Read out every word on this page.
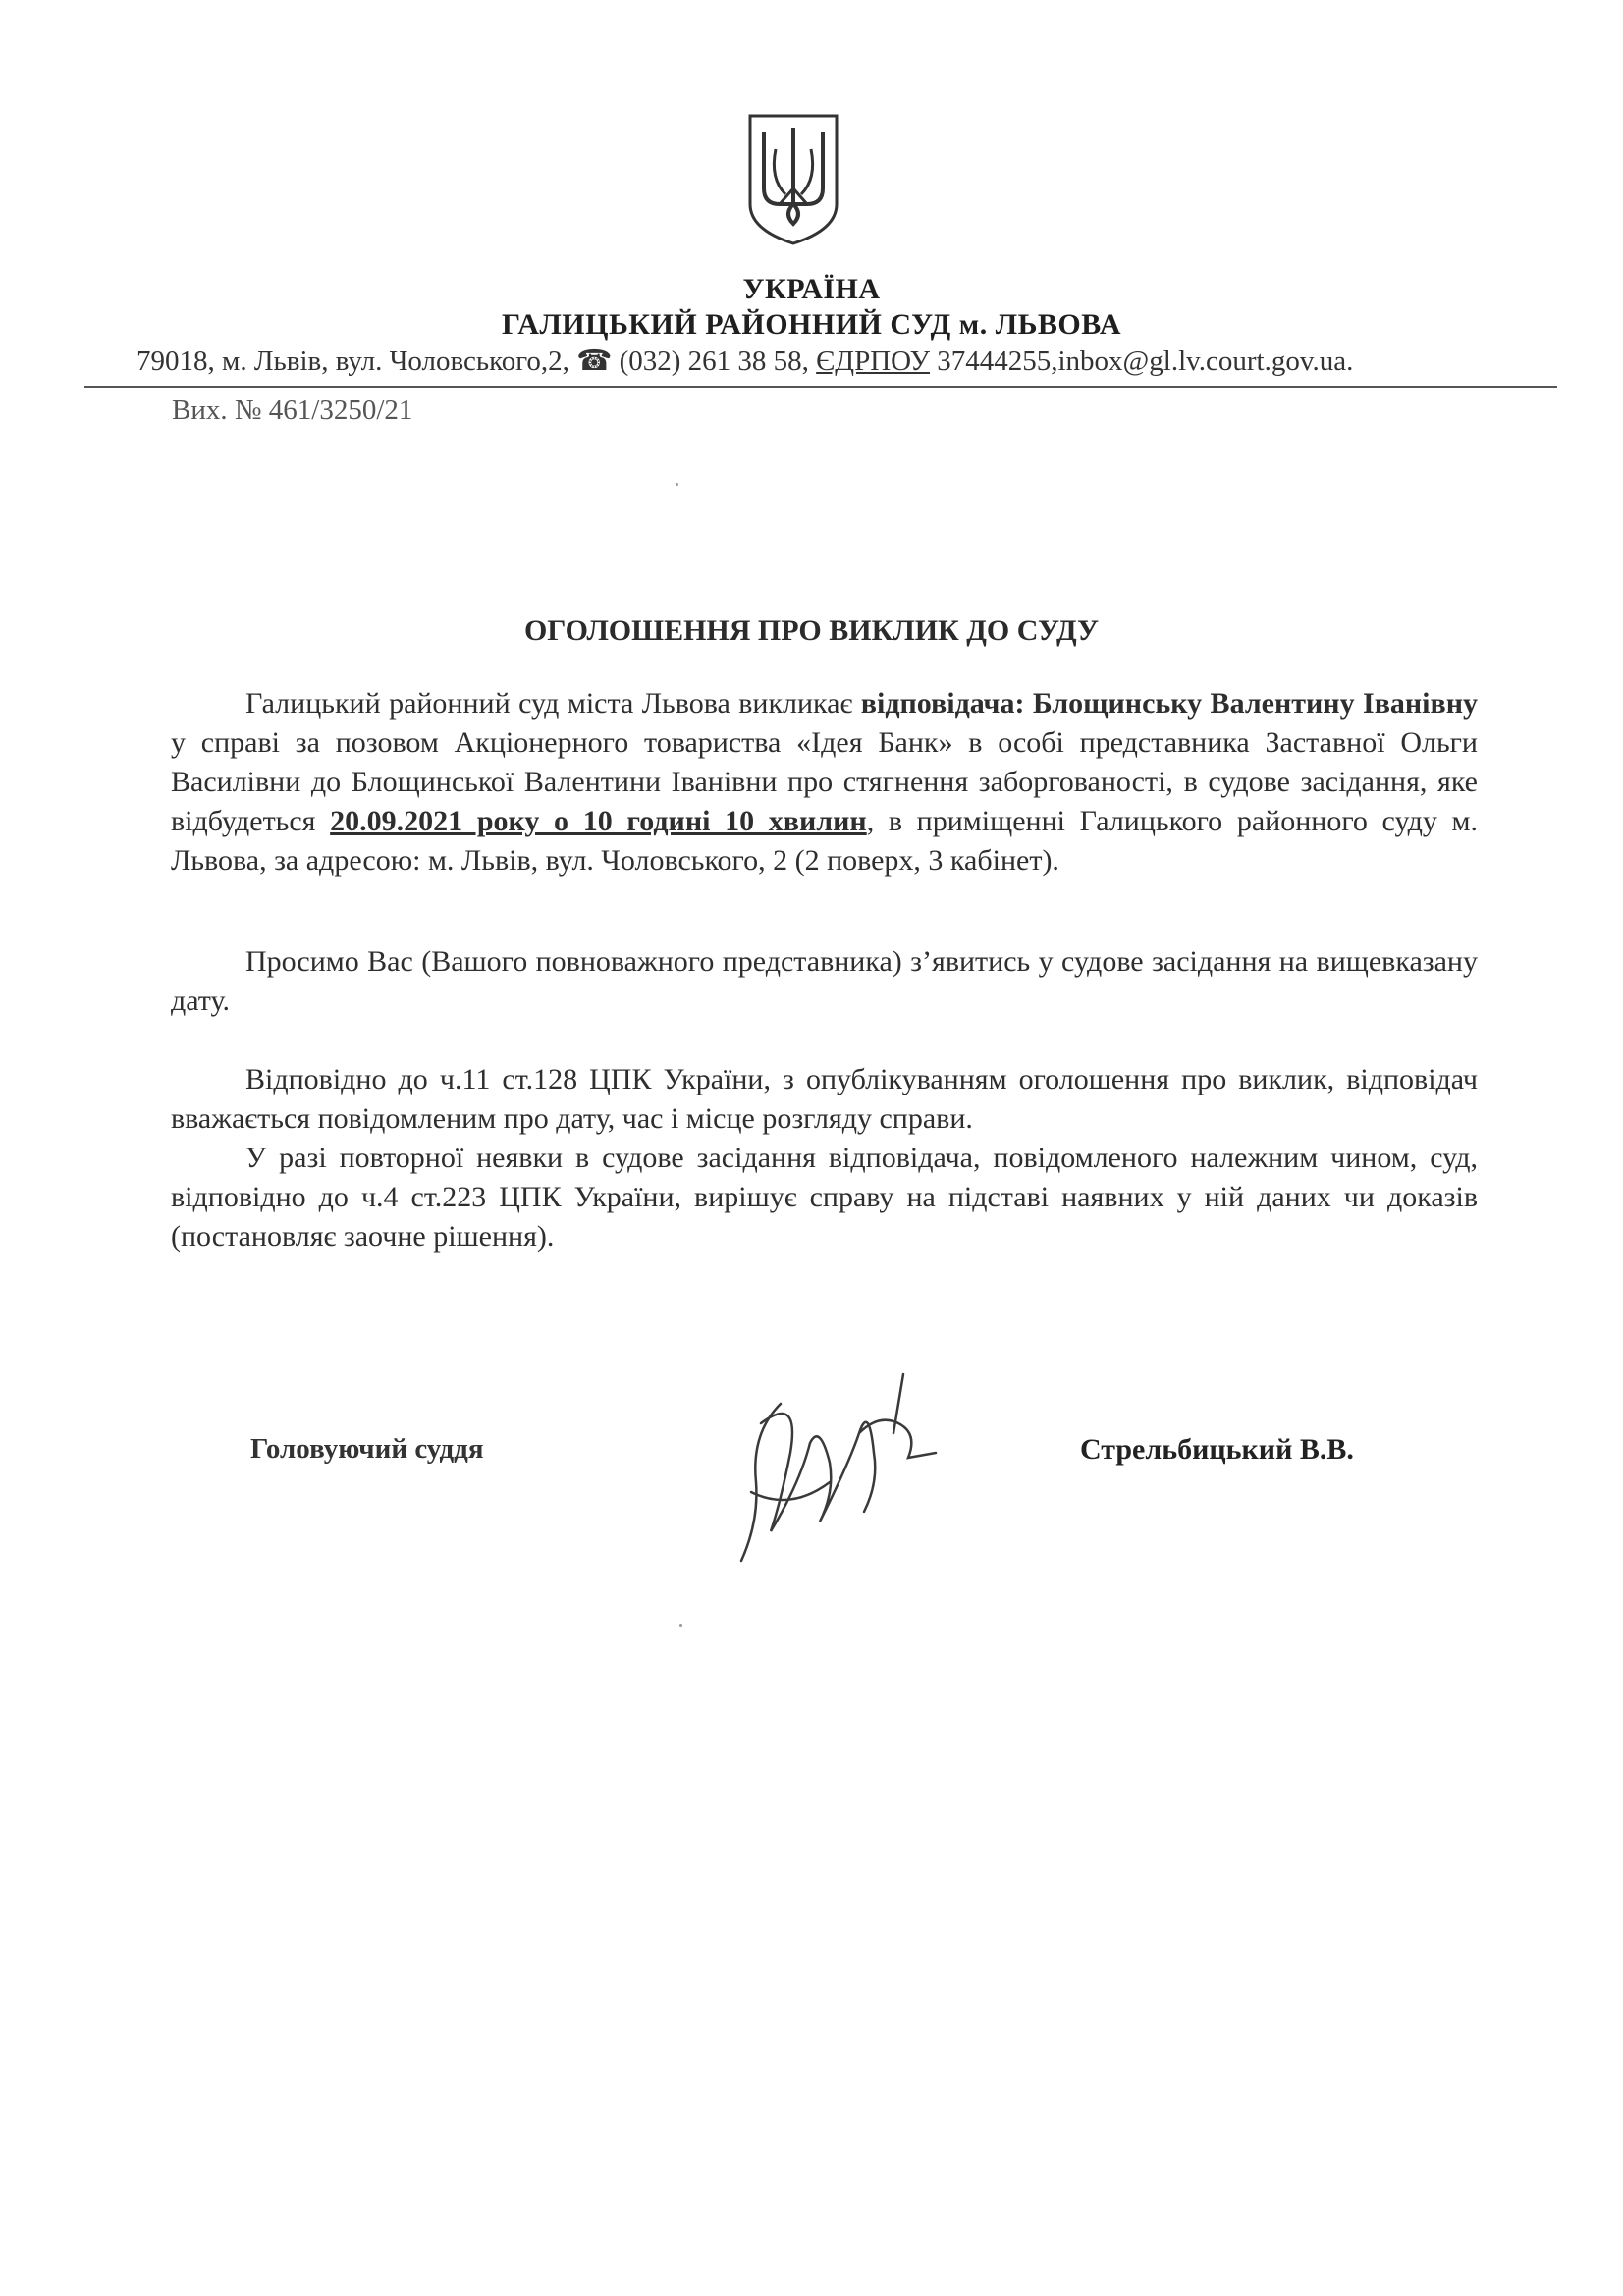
УКРАЇНА
ГАЛИЦЬКИЙ РАЙОННИЙ СУД м. ЛЬВОВА
79018, м. Львів, вул. Чоловського,2, ☎ (032) 261 38 58, ЄДРПОУ 37444255,inbox@gl.lv.court.gov.ua.
Вих. № 461/3250/21
ОГОЛОШЕННЯ ПРО ВИКЛИК ДО СУДУ
Галицький районний суд міста Львова викликає відповідача: Блощинську Валентину Іванівну у справі за позовом Акціонерного товариства «Ідея Банк» в особі представника Заставної Ольги Василівни до Блощинської Валентини Іванівни про стягнення заборгованості, в судове засідання, яке відбудеться 20.09.2021 року о 10 годині 10 хвилин, в приміщенні Галицького районного суду м. Львова, за адресою: м. Львів, вул. Чоловського, 2 (2 поверх, 3 кабінет).
Просимо Вас (Вашого повноважного представника) з’явитись у судове засідання на вищевказану дату.
Відповідно до ч.11 ст.128 ЦПК України, з опублікуванням оголошення про виклик, відповідач вважається повідомленим про дату, час і місце розгляду справи.
У разі повторної неявки в судове засідання відповідача, повідомленого належним чином, суд, відповідно до ч.4 ст.223 ЦПК України, вирішує справу на підставі наявних у ній даних чи доказів (постановляє заочне рішення).
Головуючий суддя	Стрельбицький В.В.
